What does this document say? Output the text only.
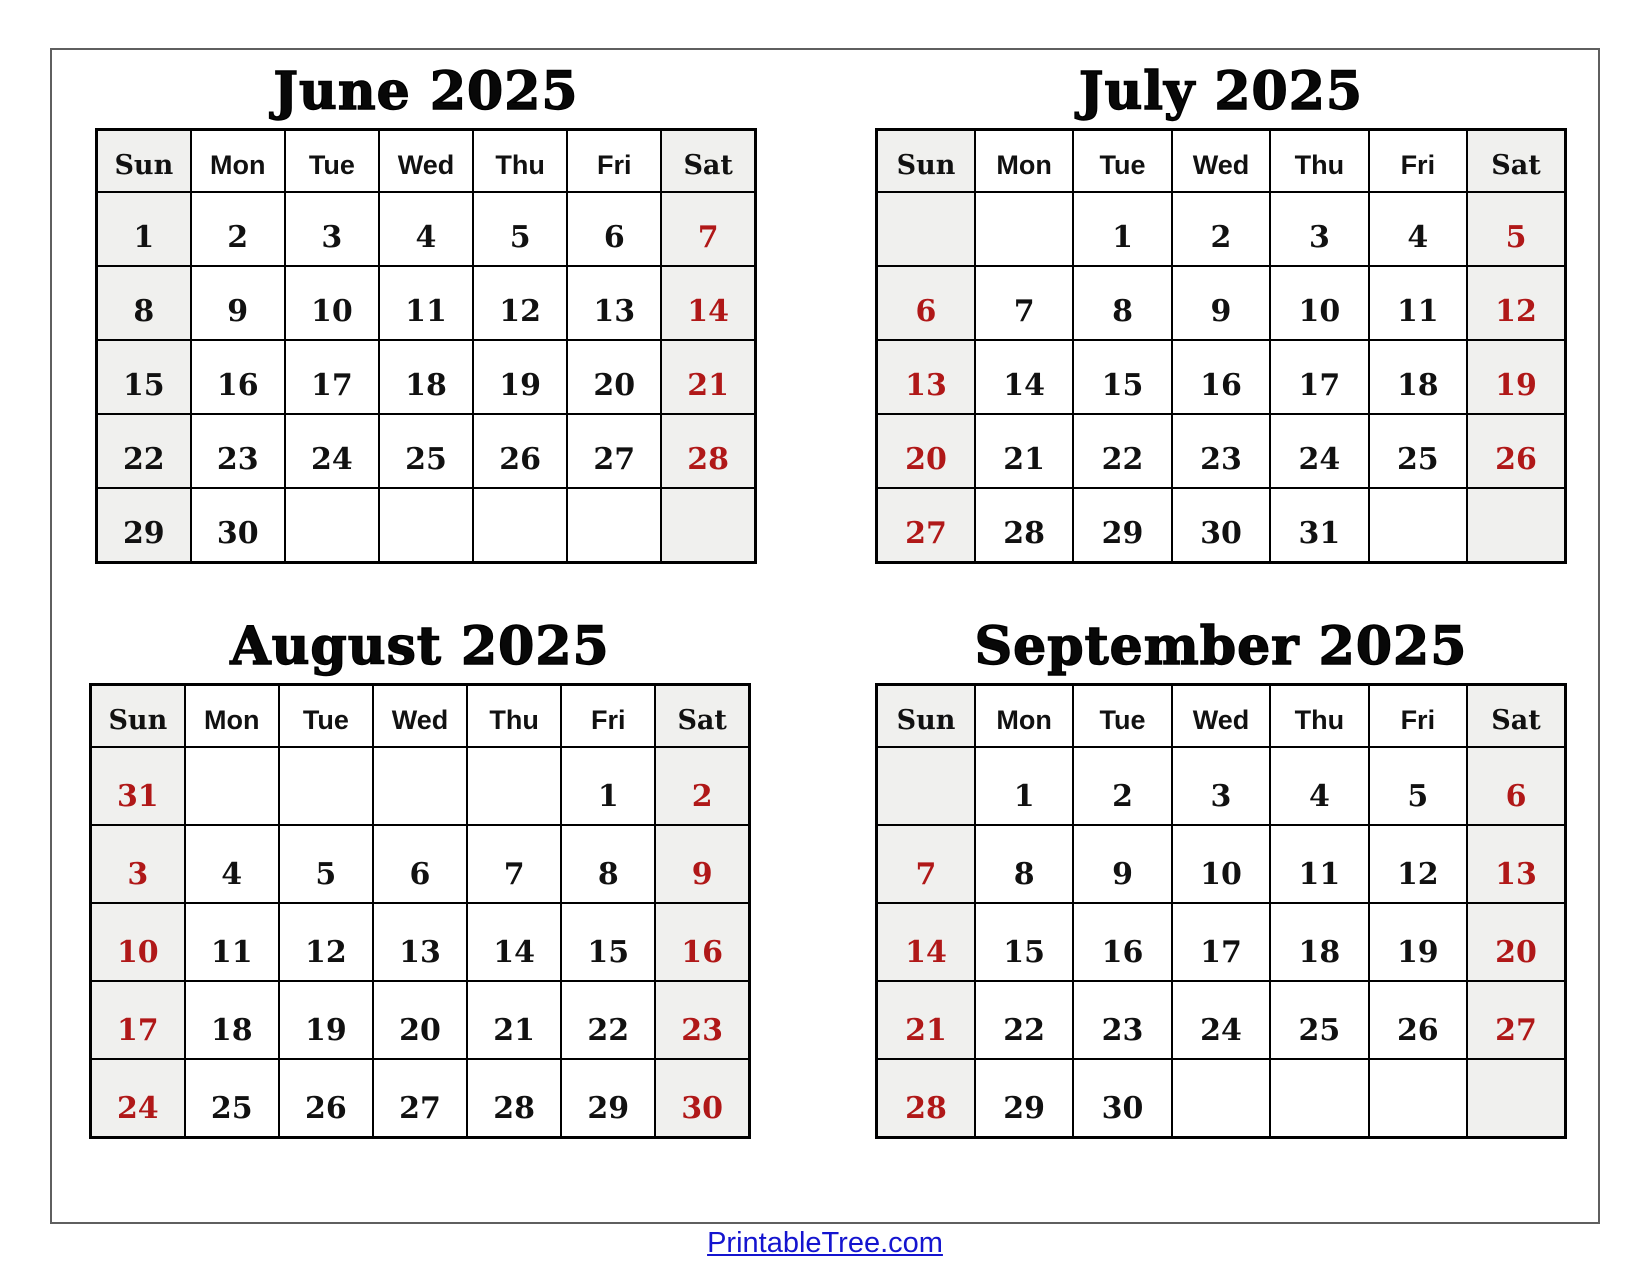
June 2025
Sun	Mon	Tue	Wed	Thu	Fri	Sat
1	2	3	4	5	6	7
8	9	10	11	12	13	14
15	16	17	18	19	20	21
22	23	24	25	26	27	28
29	30					
July 2025
Sun	Mon	Tue	Wed	Thu	Fri	Sat
		1	2	3	4	5
6	7	8	9	10	11	12
13	14	15	16	17	18	19
20	21	22	23	24	25	26
27	28	29	30	31		
August 2025
Sun	Mon	Tue	Wed	Thu	Fri	Sat
31					1	2
3	4	5	6	7	8	9
10	11	12	13	14	15	16
17	18	19	20	21	22	23
24	25	26	27	28	29	30
September 2025
Sun	Mon	Tue	Wed	Thu	Fri	Sat
	1	2	3	4	5	6
7	8	9	10	11	12	13
14	15	16	17	18	19	20
21	22	23	24	25	26	27
28	29	30				
PrintableTree.com
